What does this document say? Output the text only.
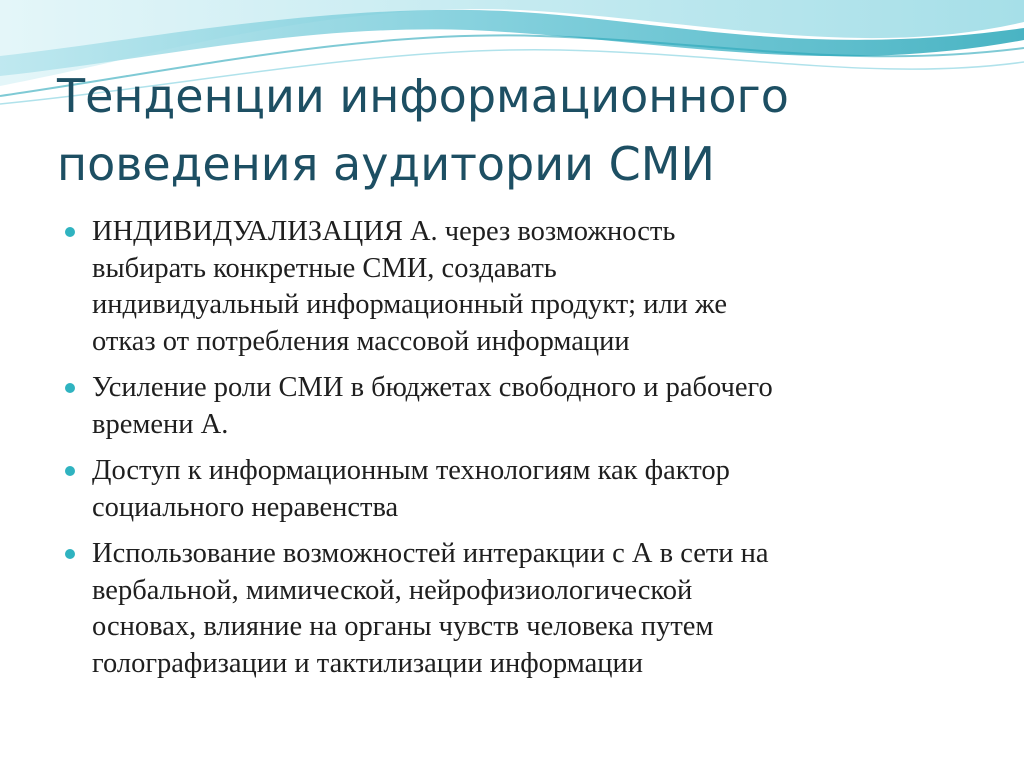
Тенденции информационного
поведения аудитории СМИ
ИНДИВИДУАЛИЗАЦИЯ А. через возможность
выбирать конкретные СМИ, создавать
индивидуальный информационный продукт; или же
отказ от потребления массовой информации
Усиление роли СМИ в бюджетах свободного и рабочего
времени А.
Доступ к информационным технологиям как фактор
социального неравенства
Использование возможностей интеракции с А в сети на
вербальной, мимической, нейрофизиологической
основах, влияние на органы чувств человека путем
голографизации и тактилизации информации
